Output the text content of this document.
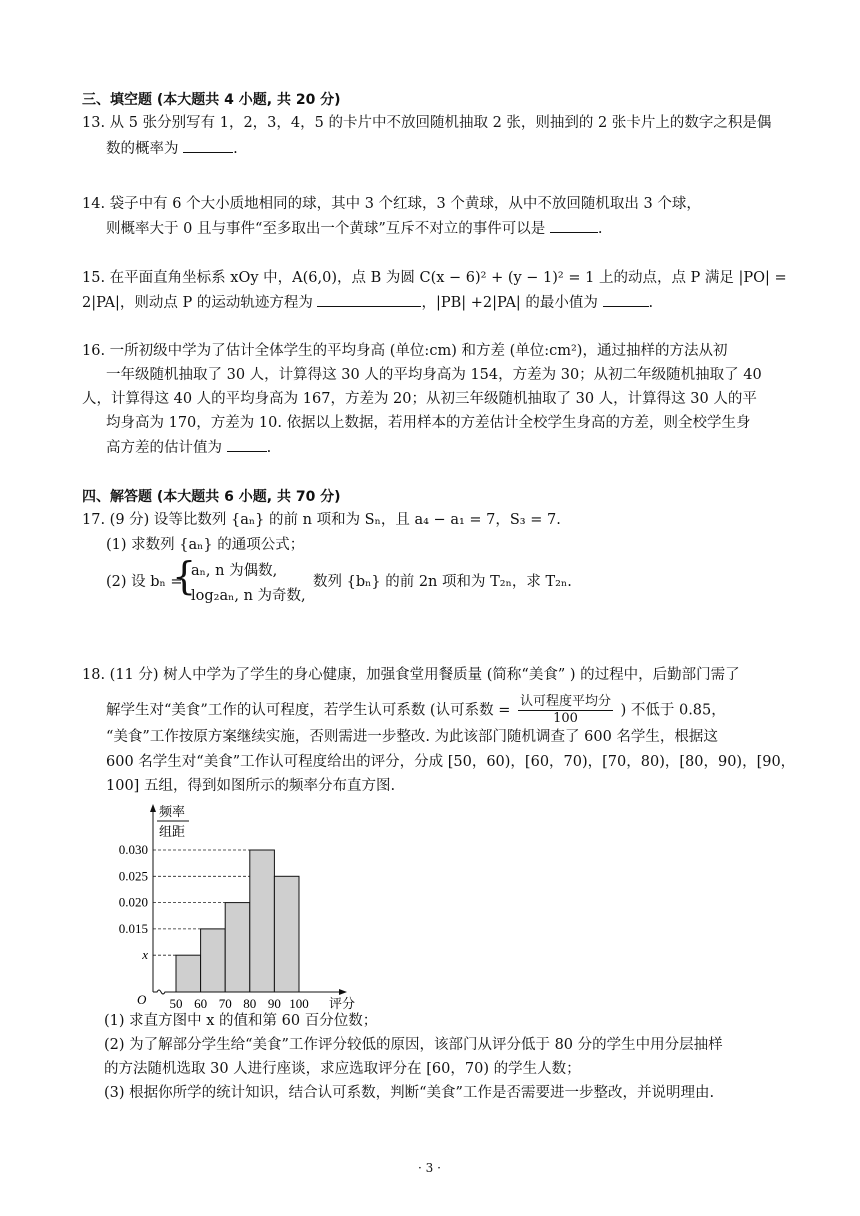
三、填空题 (本大题共 4 小题, 共 20 分)
13. 从 5 张分别写有 1，2，3，4，5 的卡片中不放回随机抽取 2 张，则抽到的 2 张卡片上的数字之积是偶
数的概率为	.
14. 袋子中有 6 个大小质地相同的球，其中 3 个红球，3 个黄球，从中不放回随机取出 3 个球，
则概率大于 0 且与事件“至多取出一个黄球”互斥不对立的事件可以是	.
15. 在平面直角坐标系 xOy 中，A(6,0)，点 B 为圆 C(x − 6)² + (y − 1)² = 1 上的动点，点 P 满足 |PO| =
2|PA|，则动点 P 的运动轨迹方程为	，|PB| +2|PA| 的最小值为	.
16. 一所初级中学为了估计全体学生的平均身高 (单位:cm) 和方差 (单位:cm²)，通过抽样的方法从初
一年级随机抽取了 30 人，计算得这 30 人的平均身高为 154，方差为 30；从初二年级随机抽取了 40
人，计算得这 40 人的平均身高为 167，方差为 20；从初三年级随机抽取了 30 人，计算得这 30 人的平
均身高为 170，方差为 10. 依据以上数据，若用样本的方差估计全校学生身高的方差，则全校学生身
高方差的估计值为	.
四、解答题 (本大题共 6 小题, 共 70 分)
17. (9 分) 设等比数列 {aₙ} 的前 n 项和为 Sₙ，且 a₄ − a₁ = 7，S₃ = 7.
(1) 求数列 {aₙ} 的通项公式；
(2) 设 bₙ =
{
aₙ, n 为偶数,
log₂aₙ, n 为奇数,
数列 {bₙ} 的前 2n 项和为 T₂ₙ，求 T₂ₙ.
18. (11 分) 树人中学为了学生的身心健康，加强食堂用餐质量 (简称“美食” ) 的过程中，后勤部门需了
解学生对“美食”工作的认可程度，若学生认可系数 (认可系数 = $\frac{\text{认可程度平均分}}{100}$ ) 不低于 0.85，
“美食”工作按原方案继续实施，否则需进一步整改. 为此该部门随机调查了 600 名学生，根据这
600 名学生对“美食”工作认可程度给出的评分，分成 [50，60)，[60，70)，[70，80)，[80，90)，[90，
100] 五组，得到如图所示的频率分布直方图.
x
0.015
0.020
0.025
0.030
50 60 70 80 90 100
O	评分
频率
组距
(1) 求直方图中 x 的值和第 60 百分位数；
(2) 为了解部分学生给“美食”工作评分较低的原因，该部门从评分低于 80 分的学生中用分层抽样
的方法随机选取 30 人进行座谈，求应选取评分在 [60，70) 的学生人数；
(3) 根据你所学的统计知识，结合认可系数，判断“美食”工作是否需要进一步整改，并说明理由.
· 3 ·
